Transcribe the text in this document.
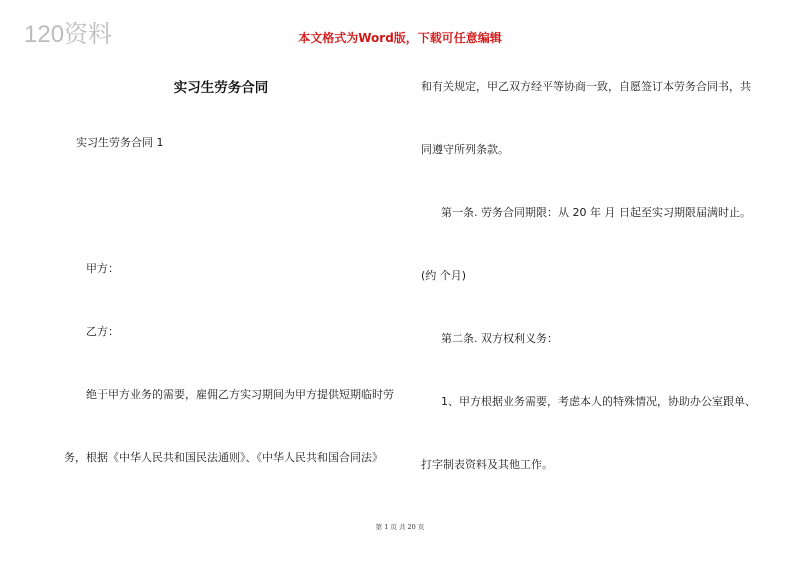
120资料	本文格式为Word版，下载可任意编辑
实习生劳务合同
实习生劳务合同 1
甲方：
乙方：
绝于甲方业务的需要，雇佣乙方实习期间为甲方提供短期临时劳
务，根据《中华人民共和国民法通则》、《中华人民共和国合同法》
和有关规定，甲乙双方经平等协商一致，自愿签订本劳务合同书，共
同遵守所列条款。
第一条. 劳务合同期限：从 20 年 月 日起至实习期限届满时止。
(约 个月)
第二条. 双方权利义务：
1、甲方根据业务需要，考虑本人的特殊情况，协助办公室跟单、
打字制表资料及其他工作。
第 1 页 共 20 页
